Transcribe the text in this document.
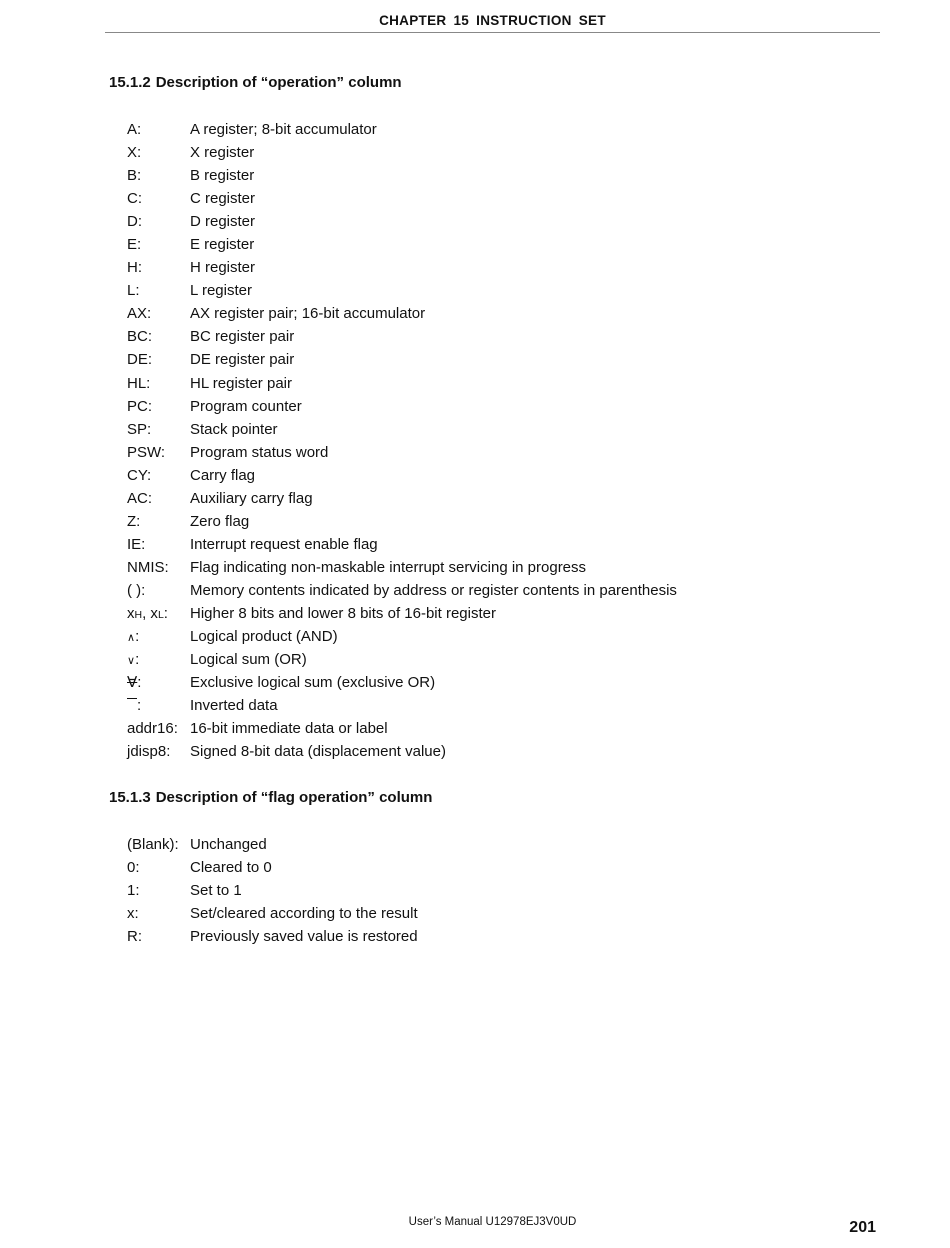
CHAPTER 15 INSTRUCTION SET
15.1.2 Description of “operation” column
A:	A register; 8-bit accumulator
X:	X register
B:	B register
C:	C register
D:	D register
E:	E register
H:	H register
L:	L register
AX:	AX register pair; 16-bit accumulator
BC:	BC register pair
DE:	DE register pair
HL:	HL register pair
PC:	Program counter
SP:	Stack pointer
PSW: Program status word
CY:	Carry flag
AC:	Auxiliary carry flag
Z:	Zero flag
IE:	Interrupt request enable flag
NMIS: Flag indicating non-maskable interrupt servicing in progress
( ):	Memory contents indicated by address or register contents in parenthesis
xH, xL: Higher 8 bits and lower 8 bits of 16-bit register
∧:	Logical product (AND)
∨:	Logical sum (OR)
∀:	Exclusive logical sum (exclusive OR)
:	Inverted data
addr16: 16-bit immediate data or label
jdisp8: Signed 8-bit data (displacement value)
15.1.3 Description of “flag operation” column
(Blank): Unchanged
0:	Cleared to 0
1:	Set to 1
x:	Set/cleared according to the result
R:	Previously saved value is restored
User’s Manual U12978EJ3V0UD	201
